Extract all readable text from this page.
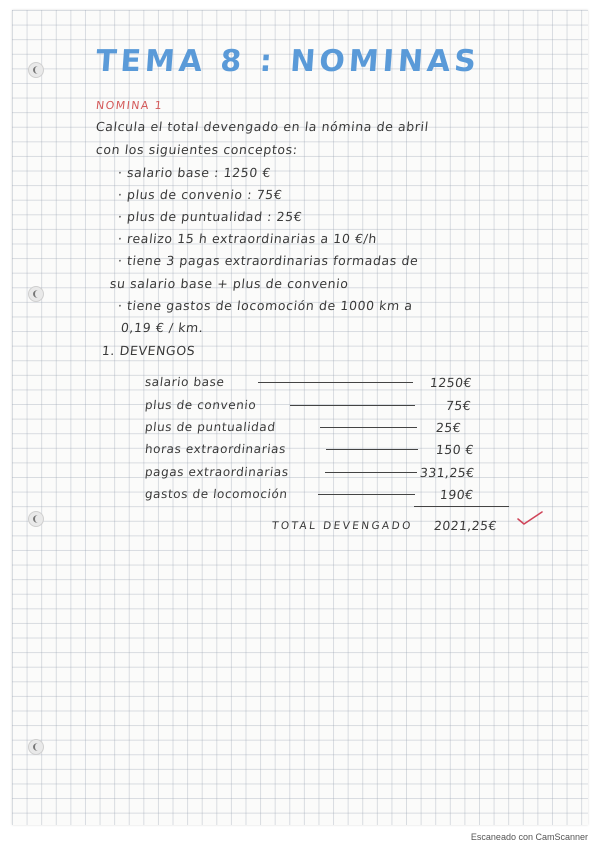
TEMA 8 : NOMINAS
NOMINA 1
Calcula el total devengado en la nómina de abril
con los siguientes conceptos:
· salario base : 1250 €
· plus de convenio : 75€
· plus de puntualidad : 25€
· realizo 15 h extraordinarias a 10 €/h
· tiene 3 pagas extraordinarias formadas de
su salario base + plus de convenio
· tiene gastos de locomoción de 1000 km a
0,19 € / km.
1. DEVENGOS
salario base	1250€
plus de convenio	75€
plus de puntualidad	25€
horas extraordinarias	150 €
pagas extraordinarias	331,25€
gastos de locomoción	190€
TOTAL DEVENGADO 2021,25€
Escaneado con CamScanner
